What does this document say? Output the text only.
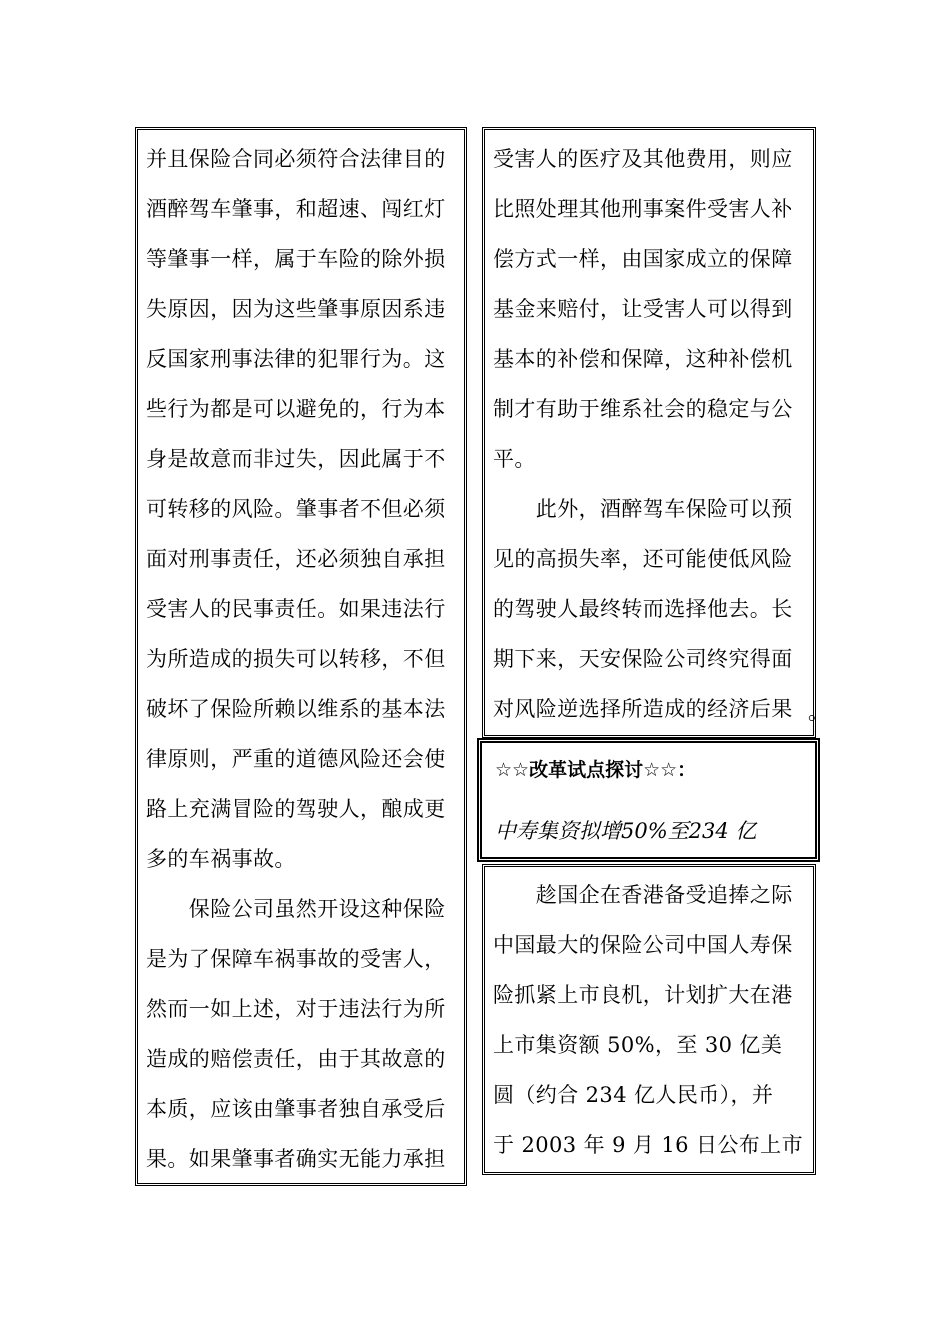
并且保险合同必须符合法律目的

酒醉驾车肇事，和超速、闯红灯

等肇事一样，属于车险的除外损

失原因，因为这些肇事原因系违

反国家刑事法律的犯罪行为。这

些行为都是可以避免的，行为本

身是故意而非过失，因此属于不

可转移的风险。肇事者不但必须

面对刑事责任，还必须独自承担

受害人的民事责任。如果违法行

为所造成的损失可以转移，不但

破坏了保险所赖以维系的基本法

律原则，严重的道德风险还会使

路上充满冒险的驾驶人，酿成更

多的车祸事故。

　　保险公司虽然开设这种保险

是为了保障车祸事故的受害人，

然而一如上述，对于违法行为所

造成的赔偿责任，由于其故意的

本质，应该由肇事者独自承受后

果。如果肇事者确实无能力承担

受害人的医疗及其他费用，则应

比照处理其他刑事案件受害人补

偿方式一样，由国家成立的保障

基金来赔付，让受害人可以得到

基本的补偿和保障，这种补偿机

制才有助于维系社会的稳定与公

平。

　　此外，酒醉驾车保险可以预

见的高损失率，还可能使低风险

的驾驶人最终转而选择他去。长

期下来，天安保险公司终究得面

对风险逆选择所造成的经济后果 。
☆☆改革试点探讨☆☆：
中寿集资拟增50%至234 亿

　　趁国企在香港备受追捧之际

中国最大的保险公司中国人寿保

险抓紧上市良机，计划扩大在港

上市集资额 50%，至 30 亿美

圆（约合 234 亿人民币），并

于 2003 年 9 月 16 日公布上市
